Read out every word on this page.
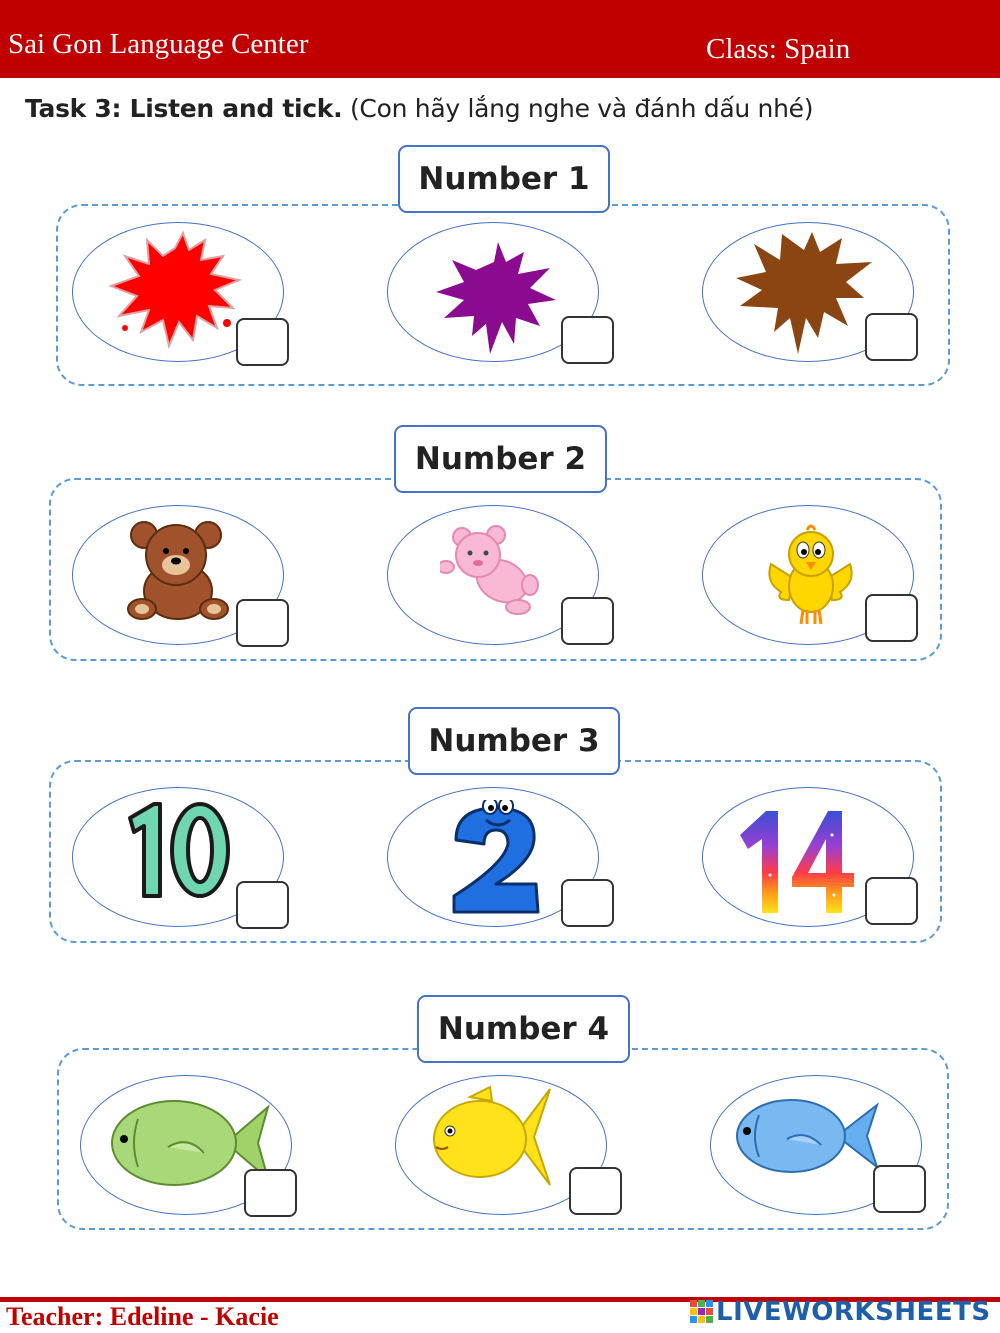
Sai Gon Language Center	Class: Spain
Task 3: Listen and tick. (Con hãy lắng nghe và đánh dấu nhé)
Number 1
Number 2
Number 3
Number 4
Teacher: Edeline - Kacie	LIVEWORKSHEETS
